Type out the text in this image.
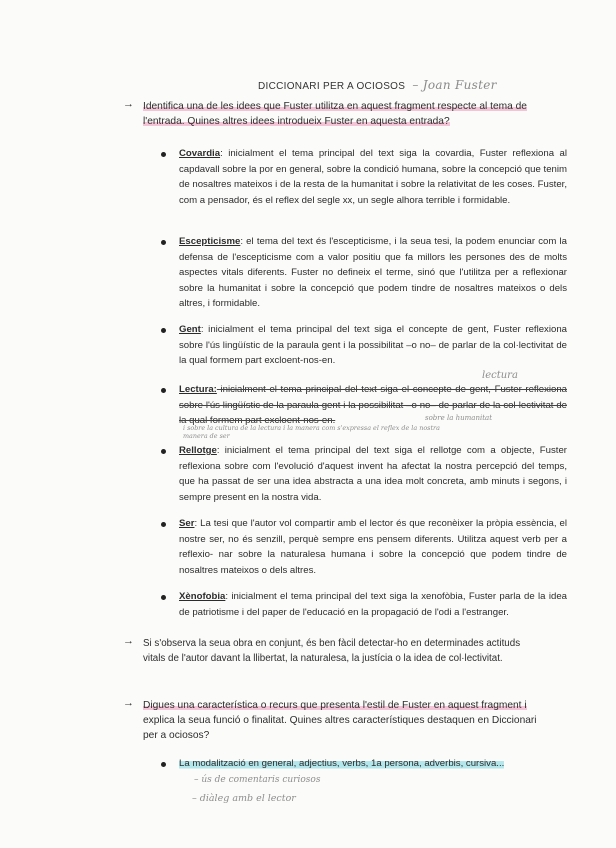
DICCIONARI PER A OCIOSOS – Joan Fuster
→ Identifica una de les idees que Fuster utilitza en aquest fragment respecte al tema de
l'entrada. Quines altres idees introdueix Fuster en aquesta entrada?
Covardia: inicialment el tema principal del text siga la covardia, Fuster reflexiona al capdavall sobre la por en general, sobre la condició humana, sobre la concepció que tenim de nosaltres mateixos i de la resta de la humanitat i sobre la relativitat de les coses. Fuster, com a pensador, és el reflex del segle xx, un segle alhora terrible i formidable.
Escepticisme: el tema del text és l'escepticisme, i la seua tesi, la podem enunciar com la defensa de l'escepticisme com a valor positiu que fa millors les persones des de molts aspectes vitals diferents. Fuster no defineix el terme, sinó que l'utilitza per a reflexionar sobre la humanitat i sobre la concepció que podem tindre de nosaltres mateixos o dels altres, i formidable.
Gent: inicialment el tema principal del text siga el concepte de gent, Fuster reflexiona sobre l'ús lingüístic de la paraula gent i la possibilitat –o no– de parlar de la col·lectivitat de la qual formem part excloent-nos-en.
lectura
Lectura: inicialment el tema principal del text siga el concepte de gent, Fuster reflexiona sobre l'ús lingüístic de la paraula gent i la possibilitat –o no– de parlar de la col·lectivitat de la qual formem part excloent-nos-en.	sobre la humanitat
i sobre la cultura de la lectura i la manera com s'expressa el reflex de la nostra
manera de ser
Rellotge: inicialment el tema principal del text siga el rellotge com a objecte, Fuster reflexiona sobre com l'evolució d'aquest invent ha afectat la nostra percepció del temps, que ha passat de ser una idea abstracta a una idea molt concreta, amb minuts i segons, i sempre present en la nostra vida.
Ser: La tesi que l'autor vol compartir amb el lector és que reconèixer la pròpia essència, el nostre ser, no és senzill, perquè sempre ens pensem diferents. Utilitza aquest verb per a reflexio- nar sobre la naturalesa humana i sobre la concepció que podem tindre de nosaltres mateixos o dels altres.
Xènofobia: inicialment el tema principal del text siga la xenofòbia, Fuster parla de la idea de patriotisme i del paper de l'educació en la propagació de l'odi a l'estranger.
→ Si s'observa la seua obra en conjunt, és ben fàcil detectar-ho en determinades actituds
vitals de l'autor davant la llibertat, la naturalesa, la justícia o la idea de col·lectivitat.
→ Digues una característica o recurs que presenta l'estil de Fuster en aquest fragment i
explica la seua funció o finalitat. Quines altres característiques destaquen en Diccionari
per a ociosos?
La modalització en general, adjectius, verbs, 1a persona, adverbis, cursiva...
– ús de comentaris curiosos
– diàleg amb el lector
